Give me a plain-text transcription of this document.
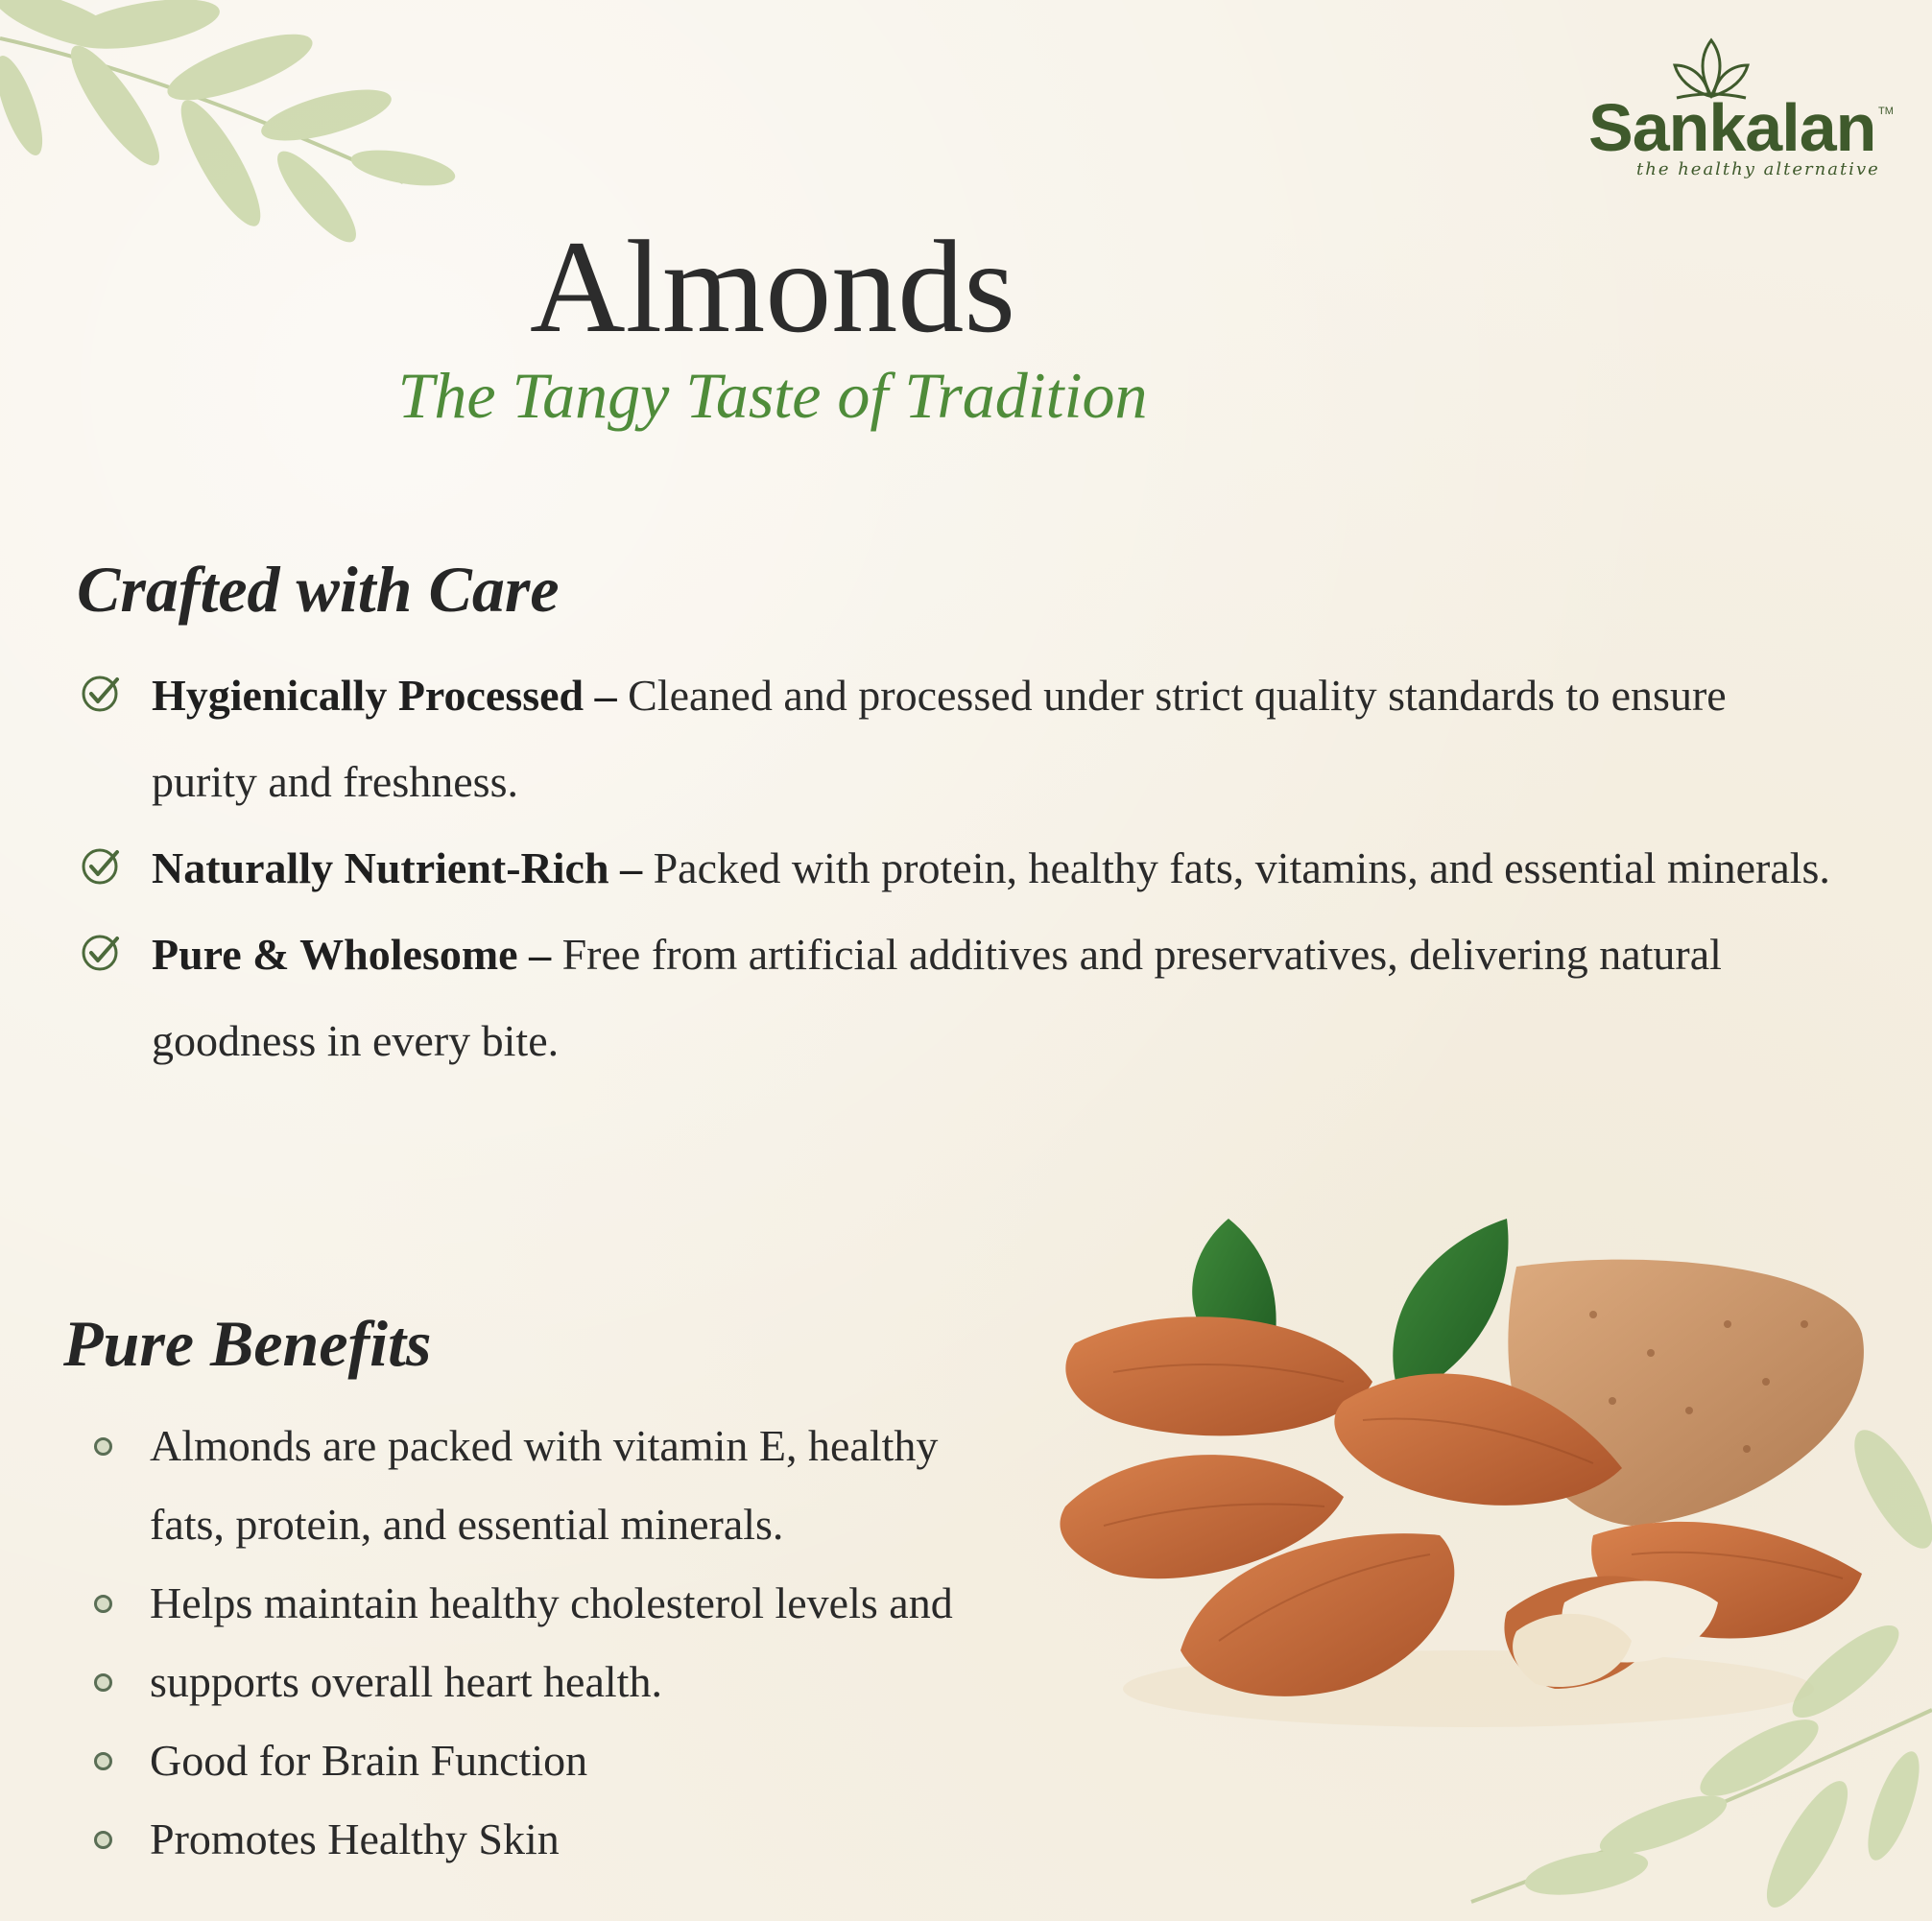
Sankalan TM
the healthy alternative
Almonds
The Tangy Taste of Tradition
Crafted with Care
Hygienically Processed – Cleaned and processed under strict quality standards to ensure purity and freshness.
Naturally Nutrient-Rich – Packed with protein, healthy fats, vitamins, and essential minerals.
Pure & Wholesome – Free from artificial additives and preservatives, delivering natural goodness in every bite.
Pure Benefits
Almonds are packed with vitamin E, healthy
fats, protein, and essential minerals.
Helps maintain healthy cholesterol levels and
supports overall heart health.
Good for Brain Function
Promotes Healthy Skin
